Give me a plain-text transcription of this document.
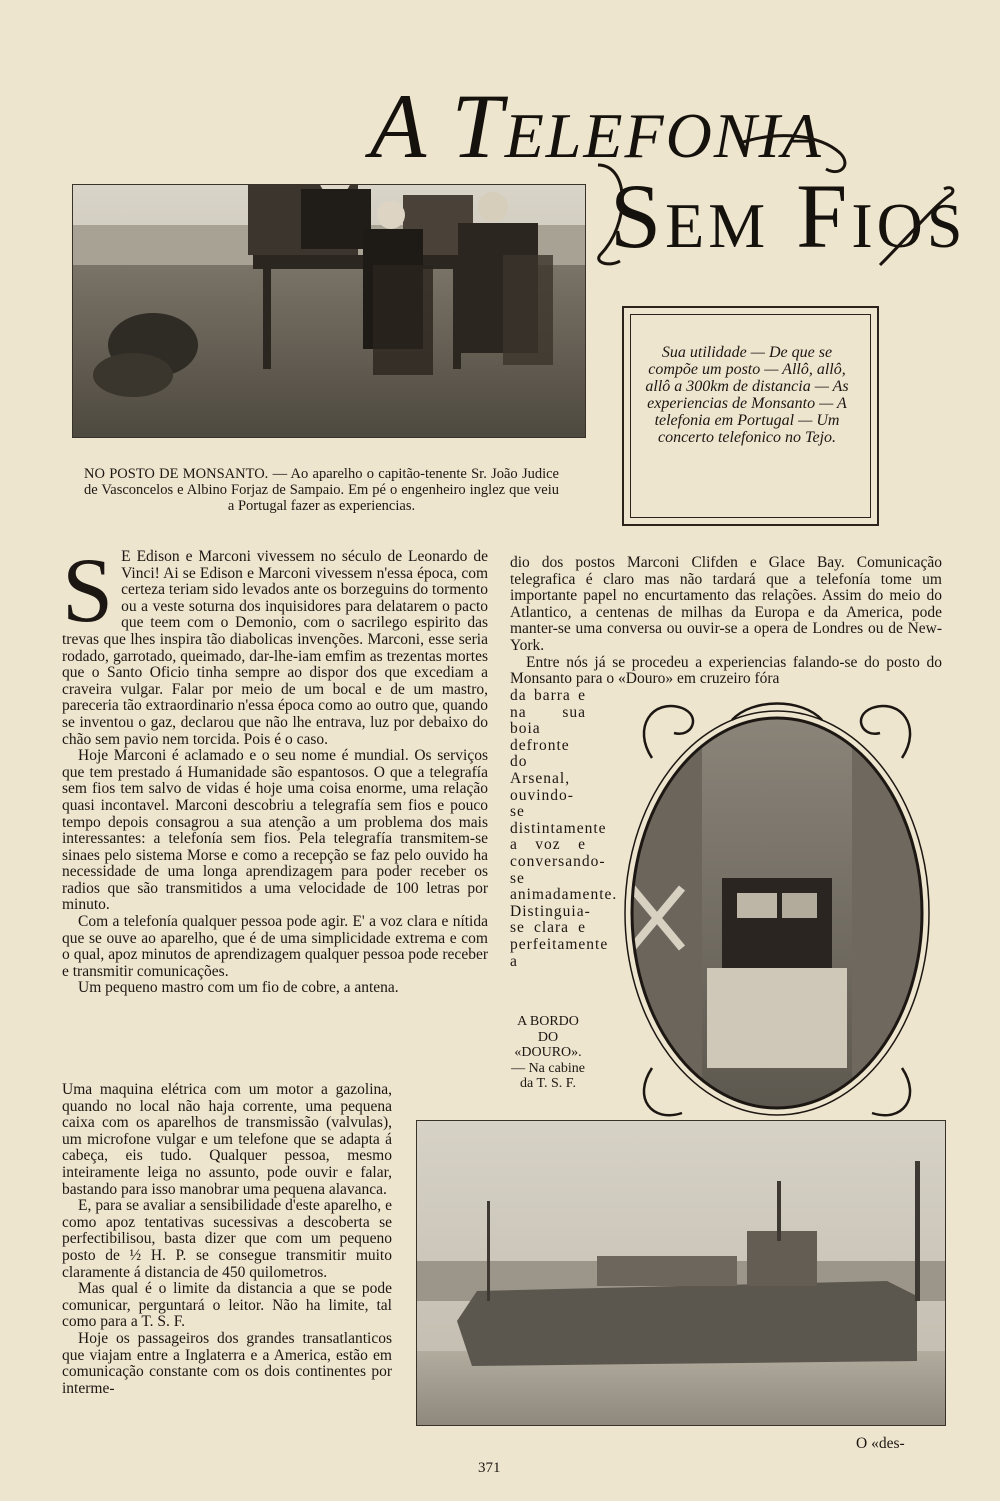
A Telefonia
Sem Fios
NO POSTO DE MONSANTO. — Ao aparelho o capitão-tenente Sr. João Judice de Vasconcelos e Albino Forjaz de Sampaio. Em pé o engenheiro inglez que veiu a Portugal fazer as experiencias.
Sua utilidade — De que se compõe um posto — Allô, allô, allô a 300km de distancia — As experiencias de Monsanto — A telefonia em Portugal — Um concerto telefonico no Tejo.
S E Edison e Marconi vivessem no século de Leonardo de Vinci! Ai se Edison e Marconi vivessem n'essa época, com certeza teriam sido levados ante os borzeguins do tormento ou a veste soturna dos inquisidores para delatarem o pacto que teem com o Demonio, com o sacrilego espirito das trevas que lhes inspira tão diabolicas invenções. Marconi, esse seria rodado, garrotado, queimado, dar-lhe-iam emfim as trezentas mortes que o Santo Oficio tinha sempre ao dispor dos que excediam a craveira vulgar. Falar por meio de um bocal e de um mastro, pareceria tão extraordinario n'essa época como ao outro que, quando se inventou o gaz, declarou que não lhe entrava, luz por debaixo do chão sem pavio nem torcida. Pois é o caso.

Hoje Marconi é aclamado e o seu nome é mundial. Os serviços que tem prestado á Humanidade são espantosos. O que a telegrafía sem fios tem salvo de vidas é hoje uma coisa enorme, uma relação quasi incontavel. Marconi descobriu a telegrafía sem fios e pouco tempo depois consagrou a sua atenção a um problema dos mais interessantes: a telefonía sem fios. Pela telegrafía transmitem-se sinaes pelo sistema Morse e como a recepção se faz pelo ouvido ha necessidade de uma longa aprendizagem para poder receber os radios que são transmitidos a uma velocidade de 100 letras por minuto.

Com a telefonía qualquer pessoa pode agir. E' a voz clara e nítida que se ouve ao aparelho, que é de uma simplicidade extrema e com o qual, apoz minutos de aprendizagem qualquer pessoa pode receber e transmitir comunicações.

Um pequeno mastro com um fio de cobre, a antena.

Uma maquina elétrica com um motor a gazolina, quando no local não haja corrente, uma pequena caixa com os aparelhos de transmissão (valvulas), um microfone vulgar e um telefone que se adapta á cabeça, eis tudo. Qualquer pessoa, mesmo inteiramente leiga no assunto, pode ouvir e falar, bastando para isso manobrar uma pequena alavanca.

E, para se avaliar a sensibilidade d'este aparelho, e como apoz tentativas sucessivas a descoberta se perfectibilisou, basta dizer que com um pequeno posto de ½ H. P. se consegue transmitir muito claramente á distancia de 450 quilometros.

Mas qual é o limite da distancia a que se pode comunicar, perguntará o leitor. Não ha limite, tal como para a T. S. F.

Hoje os passageiros dos grandes transatlanticos que viajam entre a Inglaterra e a America, estão em comunicação constante com os dois continentes por interme-

dio dos postos Marconi Clifden e Glace Bay. Comunicação telegrafica é claro mas não tardará que a telefonía tome um importante papel no encurtamento das relações. Assim do meio do Atlantico, a centenas de milhas da Europa e da America, pode manter-se uma conversa ou ouvir-se a opera de Londres ou de New-York.

Entre nós já se procedeu a experiencias falando-se do posto do Monsanto para o «Douro» em cruzeiro fóra

da barra e na sua boia defronte do Arsenal, ouvindo-se distintamente a voz e conversando-se animadamente. Distinguia-se clara e perfeitamente a
A BORDO DO «DOURO». — Na cabine da T. S. F.
O «des-
371
